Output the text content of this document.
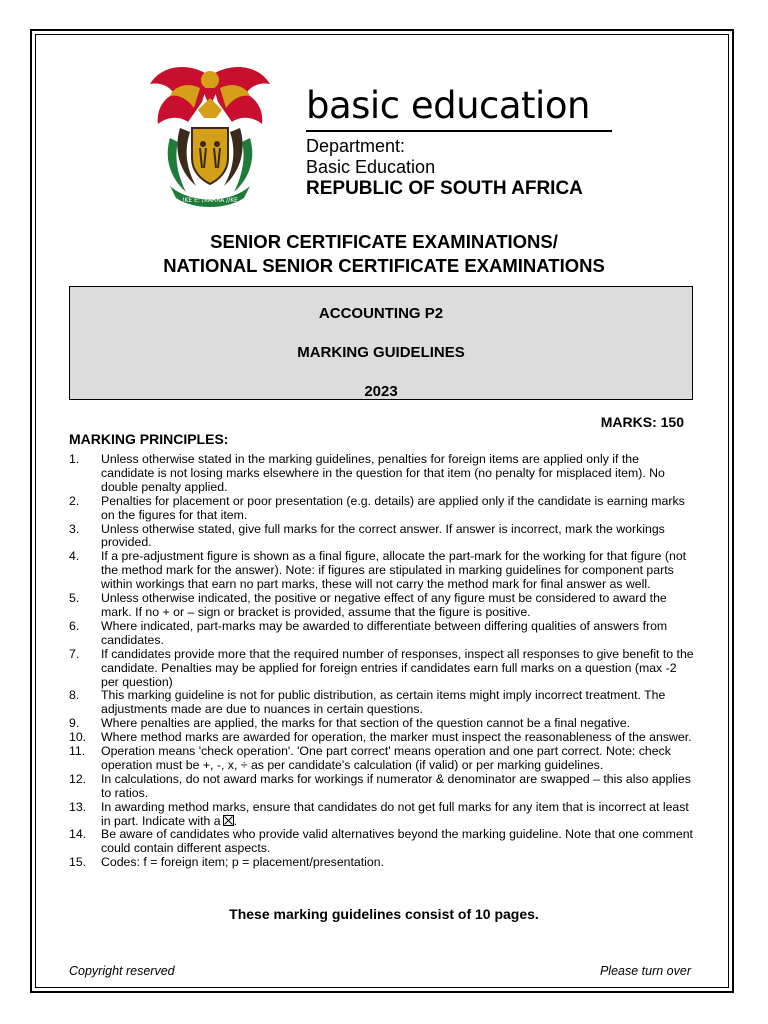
!KE E: /XARRA //KE
basic education
Department:
Basic Education
REPUBLIC OF SOUTH AFRICA
SENIOR CERTIFICATE EXAMINATIONS/
NATIONAL SENIOR CERTIFICATE EXAMINATIONS
ACCOUNTING P2
MARKING GUIDELINES
2023
MARKS: 150
MARKING PRINCIPLES:
1.	Unless otherwise stated in the marking guidelines, penalties for foreign items are applied only if the candidate is not losing marks elsewhere in the question for that item (no penalty for misplaced item). No double penalty applied.
2.	Penalties for placement or poor presentation (e.g. details) are applied only if the candidate is earning marks on the figures for that item.
3.	Unless otherwise stated, give full marks for the correct answer. If answer is incorrect, mark the workings provided.
4.	If a pre-adjustment figure is shown as a final figure, allocate the part-mark for the working for that figure (not the method mark for the answer). Note: if figures are stipulated in marking guidelines for component parts within workings that earn no part marks, these will not carry the method mark for final answer as well.
5.	Unless otherwise indicated, the positive or negative effect of any figure must be considered to award the mark. If no + or – sign or bracket is provided, assume that the figure is positive.
6.	Where indicated, part-marks may be awarded to differentiate between differing qualities of answers from candidates.
7.	If candidates provide more that the required number of responses, inspect all responses to give benefit to the candidate. Penalties may be applied for foreign entries if candidates earn full marks on a question (max -2 per question)
8.	This marking guideline is not for public distribution, as certain items might imply incorrect treatment. The adjustments made are due to nuances in certain questions.
9.	Where penalties are applied, the marks for that section of the question cannot be a final negative.
10.	Where method marks are awarded for operation, the marker must inspect the reasonableness of the answer.
11.	Operation means 'check operation'. 'One part correct' means operation and one part correct. Note: check operation must be +, -, x, ÷ as per candidate's calculation (if valid) or per marking guidelines.
12.	In calculations, do not award marks for workings if numerator & denominator are swapped – this also applies to ratios.
13.	In awarding method marks, ensure that candidates do not get full marks for any item that is incorrect at least in part. Indicate with a ☒.
14.	Be aware of candidates who provide valid alternatives beyond the marking guideline. Note that one comment could contain different aspects.
15.	Codes: f = foreign item; p = placement/presentation.
These marking guidelines consist of 10 pages.
Copyright reserved	Please turn over
